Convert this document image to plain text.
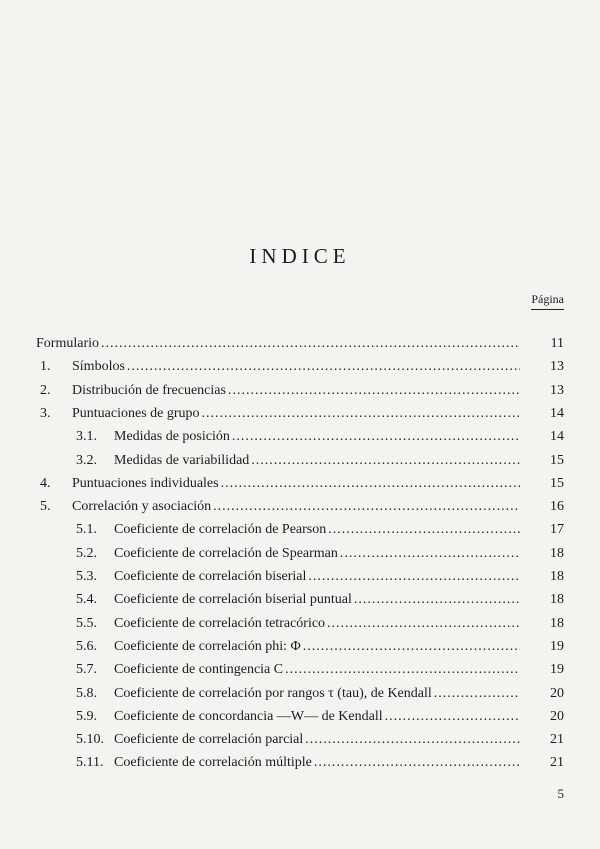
INDICE
Página
Formulario .....	11
1. Símbolos .....	13
2. Distribución de frecuencias .....	13
3. Puntuaciones de grupo .....	14
3.1. Medidas de posición .....	14
3.2. Medidas de variabilidad .....	15
4. Puntuaciones individuales .....	15
5. Correlación y asociación .....	16
5.1. Coeficiente de correlación de Pearson .....	17
5.2. Coeficiente de correlación de Spearman .....	18
5.3. Coeficiente de correlación biserial .....	18
5.4. Coeficiente de correlación biserial puntual .....	18
5.5. Coeficiente de correlación tetracórico .....	18
5.6. Coeficiente de correlación phi: Φ .....	19
5.7. Coeficiente de contingencia C .....	19
5.8. Coeficiente de correlación por rangos τ (tau), de Kendall .....	20
5.9. Coeficiente de concordancia —W— de Kendall .....	20
5.10. Coeficiente de correlación parcial .....	21
5.11. Coeficiente de correlación múltiple .....	21
5
